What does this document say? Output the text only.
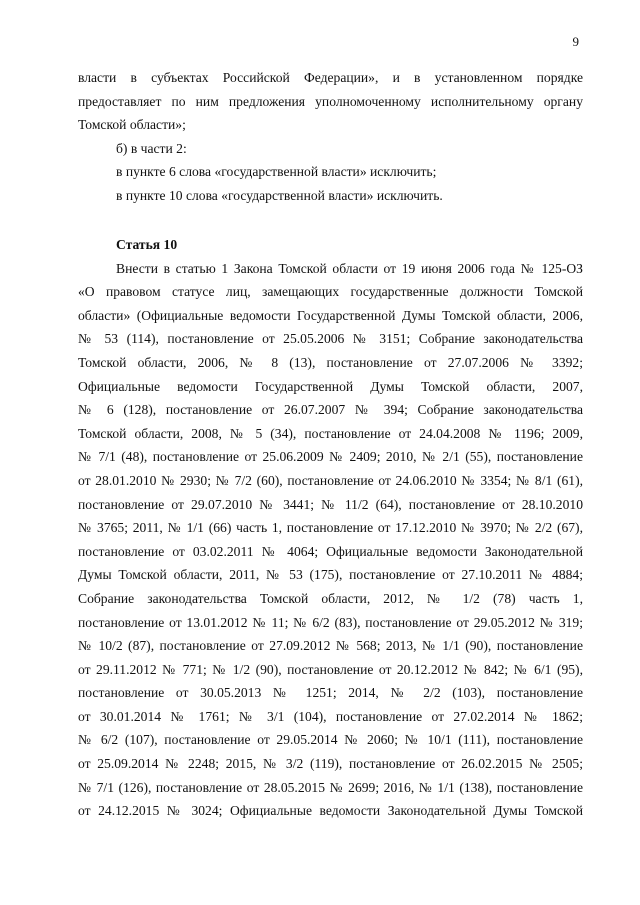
9
власти в субъектах Российской Федерации», и в установленном порядке
предоставляет по ним предложения уполномоченному исполнительному органу
Томской области»;
б) в части 2:
в пункте 6 слова «государственной власти» исключить;
в пункте 10 слова «государственной власти» исключить.
Статья 10
Внести в статью 1 Закона Томской области от 19 июня 2006 года № 125-ОЗ
«О правовом статусе лиц, замещающих государственные должности Томской
области» (Официальные ведомости Государственной Думы Томской области, 2006,
№ 53 (114), постановление от 25.05.2006 № 3151; Собрание законодательства
Томской области, 2006, № 8 (13), постановление от 27.07.2006 № 3392;
Официальные ведомости Государственной Думы Томской области, 2007,
№ 6 (128), постановление от 26.07.2007 № 394; Собрание законодательства
Томской области, 2008, № 5 (34), постановление от 24.04.2008 № 1196; 2009,
№ 7/1 (48), постановление от 25.06.2009 № 2409; 2010, № 2/1 (55), постановление
от 28.01.2010 № 2930; № 7/2 (60), постановление от 24.06.2010 № 3354; № 8/1 (61),
постановление от 29.07.2010 № 3441; № 11/2 (64), постановление от 28.10.2010
№ 3765; 2011, № 1/1 (66) часть 1, постановление от 17.12.2010 № 3970; № 2/2 (67),
постановление от 03.02.2011 № 4064; Официальные ведомости Законодательной
Думы Томской области, 2011, № 53 (175), постановление от 27.10.2011 № 4884;
Собрание законодательства Томской области, 2012, № 1/2 (78) часть 1,
постановление от 13.01.2012 № 11; № 6/2 (83), постановление от 29.05.2012 № 319;
№ 10/2 (87), постановление от 27.09.2012 № 568; 2013, № 1/1 (90), постановление
от 29.11.2012 № 771; № 1/2 (90), постановление от 20.12.2012 № 842; № 6/1 (95),
постановление от 30.05.2013 № 1251; 2014, № 2/2 (103), постановление
от 30.01.2014 № 1761; № 3/1 (104), постановление от 27.02.2014 № 1862;
№ 6/2 (107), постановление от 29.05.2014 № 2060; № 10/1 (111), постановление
от 25.09.2014 № 2248; 2015, № 3/2 (119), постановление от 26.02.2015 № 2505;
№ 7/1 (126), постановление от 28.05.2015 № 2699; 2016, № 1/1 (138), постановление
от 24.12.2015 № 3024; Официальные ведомости Законодательной Думы Томской
